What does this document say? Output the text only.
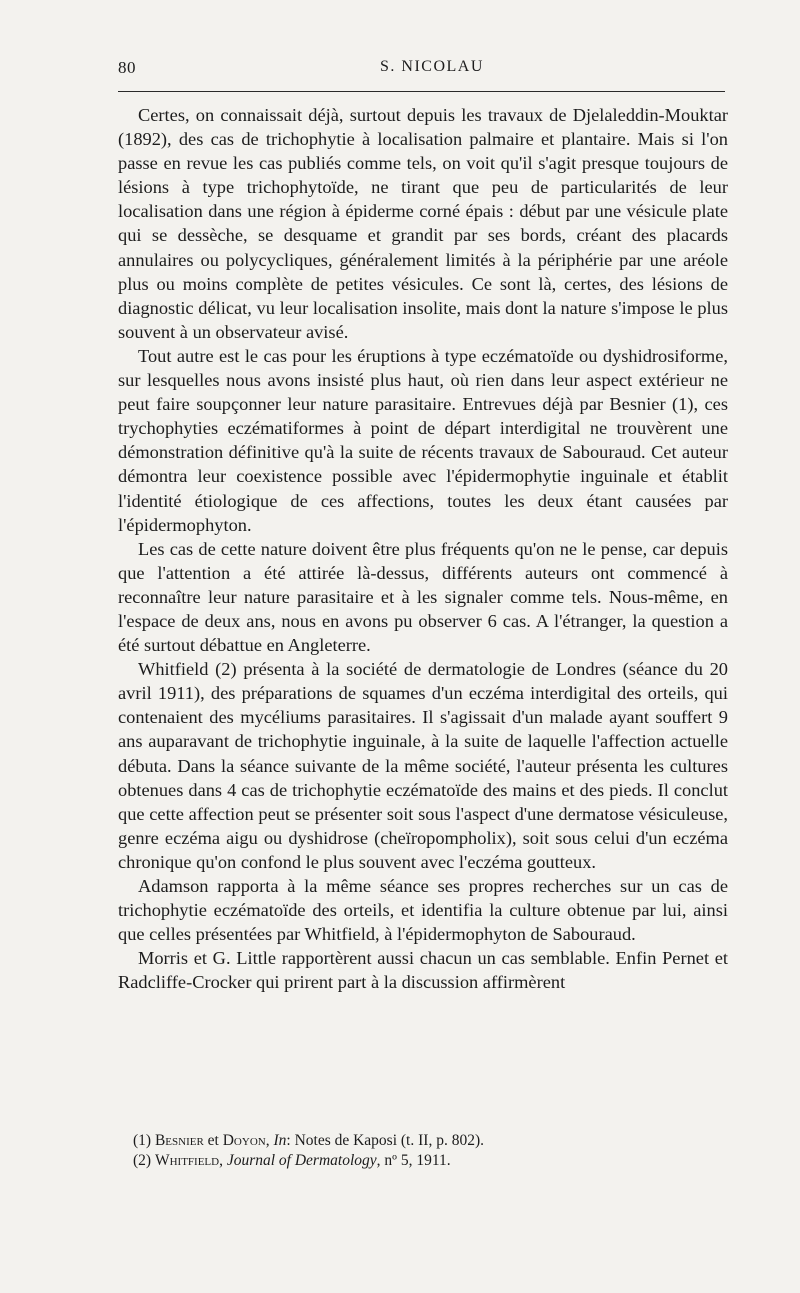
80	S. NICOLAU

Certes, on connaissait déjà, surtout depuis les travaux de Djelaleddin-Mouktar (1892), des cas de trichophytie à localisation palmaire et plantaire. Mais si l'on passe en revue les cas publiés comme tels, on voit qu'il s'agit presque toujours de lésions à type trichophytoïde, ne tirant que peu de particularités de leur localisation dans une région à épiderme corné épais : début par une vésicule plate qui se dessèche, se desquame et grandit par ses bords, créant des placards annulaires ou polycycliques, généralement limités à la périphérie par une aréole plus ou moins complète de petites vésicules. Ce sont là, certes, des lésions de diagnostic délicat, vu leur localisation insolite, mais dont la nature s'impose le plus souvent à un observateur avisé.

Tout autre est le cas pour les éruptions à type eczématoïde ou dyshidrosiforme, sur lesquelles nous avons insisté plus haut, où rien dans leur aspect extérieur ne peut faire soupçonner leur nature parasitaire. Entrevues déjà par Besnier (1), ces trychophyties eczématiformes à point de départ interdigital ne trouvèrent une démonstration définitive qu'à la suite de récents travaux de Sabouraud. Cet auteur démontra leur coexistence possible avec l'épidermophytie inguinale et établit l'identité étiologique de ces affections, toutes les deux étant causées par l'épidermophyton.

Les cas de cette nature doivent être plus fréquents qu'on ne le pense, car depuis que l'attention a été attirée là-dessus, différents auteurs ont commencé à reconnaître leur nature parasitaire et à les signaler comme tels. Nous-même, en l'espace de deux ans, nous en avons pu observer 6 cas. A l'étranger, la question a été surtout débattue en Angleterre.

Whitfield (2) présenta à la société de dermatologie de Londres (séance du 20 avril 1911), des préparations de squames d'un eczéma interdigital des orteils, qui contenaient des mycéliums parasitaires. Il s'agissait d'un malade ayant souffert 9 ans auparavant de trichophytie inguinale, à la suite de laquelle l'affection actuelle débuta. Dans la séance suivante de la même société, l'auteur présenta les cultures obtenues dans 4 cas de trichophytie eczématoïde des mains et des pieds. Il conclut que cette affection peut se présenter soit sous l'aspect d'une dermatose vésiculeuse, genre eczéma aigu ou dyshidrose (cheïropompholix), soit sous celui d'un eczéma chronique qu'on confond le plus souvent avec l'eczéma goutteux.

Adamson rapporta à la même séance ses propres recherches sur un cas de trichophytie eczématoïde des orteils, et identifia la culture obtenue par lui, ainsi que celles présentées par Whitfield, à l'épidermophyton de Sabouraud.

Morris et G. Little rapportèrent aussi chacun un cas semblable. Enfin Pernet et Radcliffe-Crocker qui prirent part à la discussion affirmèrent

(1) Besnier et Doyon, In: Notes de Kaposi (t. II, p. 802).

(2) Whitfield, Journal of Dermatology, nº 5, 1911.
